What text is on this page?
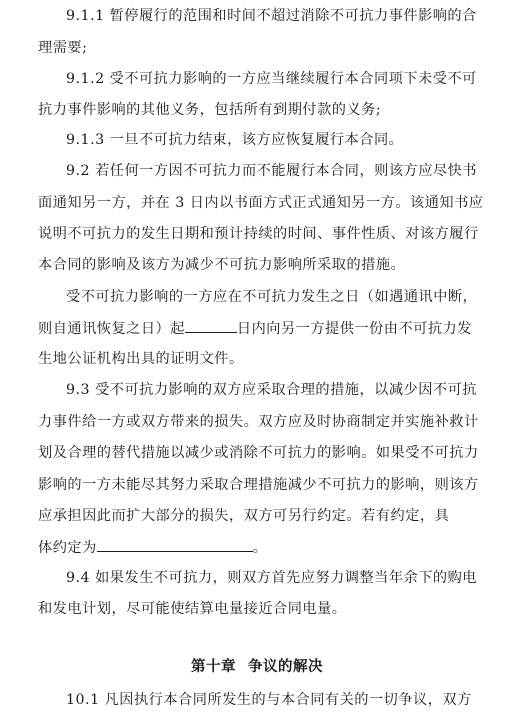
9.1.1 暂停履行的范围和时间不超过消除不可抗力事件影响的合
理需要;
9.1.2 受不可抗力影响的一方应当继续履行本合同项下未受不可
抗力事件影响的其他义务，包括所有到期付款的义务;
9.1.3 一旦不可抗力结束，该方应恢复履行本合同。
9.2 若任何一方因不可抗力而不能履行本合同，则该方应尽快书
面通知另一方，并在 3 日内以书面方式正式通知另一方。该通知书应
说明不可抗力的发生日期和预计持续的时间、事件性质、对该方履行
本合同的影响及该方为减少不可抗力影响所采取的措施。
受不可抗力影响的一方应在不可抗力发生之日（如遇通讯中断，
则自通讯恢复之日）起	日内向另一方提供一份由不可抗力发
生地公证机构出具的证明文件。
9.3 受不可抗力影响的双方应采取合理的措施，以减少因不可抗
力事件给一方或双方带来的损失。双方应及时协商制定并实施补救计
划及合理的替代措施以减少或消除不可抗力的影响。如果受不可抗力
影响的一方未能尽其努力采取合理措施减少不可抗力的影响，则该方
应承担因此而扩大部分的损失，双方可另行约定。若有约定，具
体约定为	。
9.4 如果发生不可抗力，则双方首先应努力调整当年余下的购电
和发电计划，尽可能使结算电量接近合同电量。
第十章 争议的解决
10.1 凡因执行本合同所发生的与本合同有关的一切争议，双方
